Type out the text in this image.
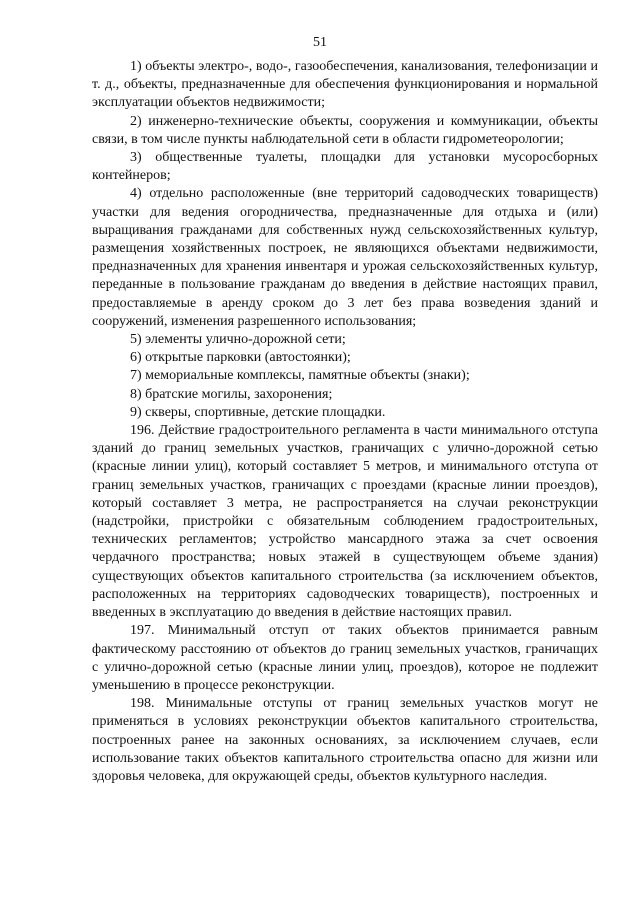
51

1) объекты электро-, водо-, газообеспечения, канализования, телефонизации и т. д., объекты, предназначенные для обеспечения функционирования и нормальной эксплуатации объектов недвижимости;

2) инженерно-технические объекты, сооружения и коммуникации, объекты связи, в том числе пункты наблюдательной сети в области гидрометеорологии;

3) общественные туалеты, площадки для установки мусоросборных контейнеров;

4) отдельно расположенные (вне территорий садоводческих товариществ) участки для ведения огородничества, предназначенные для отдыха и (или) выращивания гражданами для собственных нужд сельскохозяйственных культур, размещения хозяйственных построек, не являющихся объектами недвижимости, предназначенных для хранения инвентаря и урожая сельскохозяйственных культур, переданные в пользование гражданам до введения в действие настоящих правил, предоставляемые в аренду сроком до 3 лет без права возведения зданий и сооружений, изменения разрешенного использования;

5) элементы улично-дорожной сети;

6) открытые парковки (автостоянки);

7) мемориальные комплексы, памятные объекты (знаки);

8) братские могилы, захоронения;

9) скверы, спортивные, детские площадки.

196. Действие градостроительного регламента в части минимального отступа зданий до границ земельных участков, граничащих с улично-дорожной сетью (красные линии улиц), который составляет 5 метров, и минимального отступа от границ земельных участков, граничащих с проездами (красные линии проездов), который составляет 3 метра, не распространяется на случаи реконструкции (надстройки, пристройки с обязательным соблюдением градостроительных, технических регламентов; устройство мансардного этажа за счет освоения чердачного пространства; новых этажей в существующем объеме здания) существующих объектов капитального строительства (за исключением объектов, расположенных на территориях садоводческих товариществ), построенных и введенных в эксплуатацию до введения в действие настоящих правил.

197. Минимальный отступ от таких объектов принимается равным фактическому расстоянию от объектов до границ земельных участков, граничащих с улично-дорожной сетью (красные линии улиц, проездов), которое не подлежит уменьшению в процессе реконструкции.

198. Минимальные отступы от границ земельных участков могут не применяться в условиях реконструкции объектов капитального строительства, построенных ранее на законных основаниях, за исключением случаев, если использование таких объектов капитального строительства опасно для жизни или здоровья человека, для окружающей среды, объектов культурного наследия.
